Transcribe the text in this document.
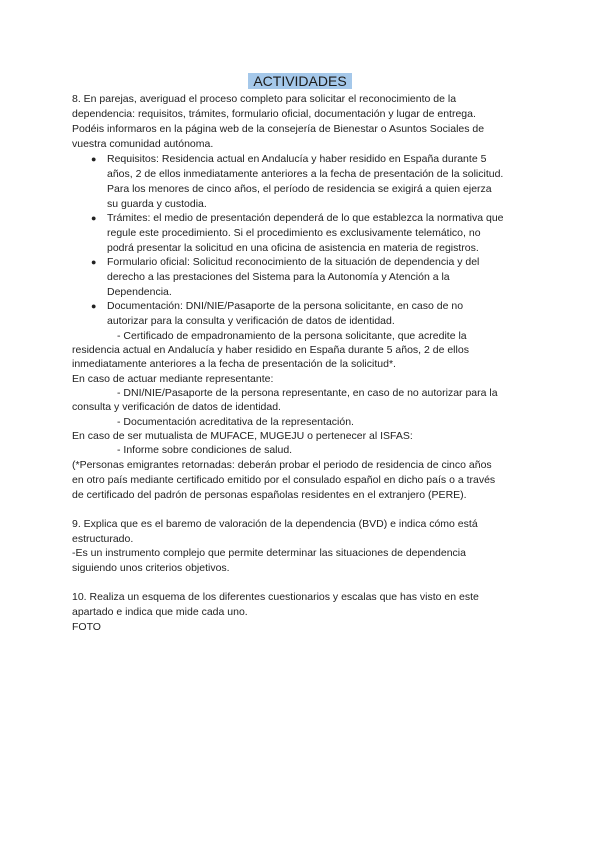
ACTIVIDADES
8. En parejas, averiguad el proceso completo para solicitar el reconocimiento de la
dependencia: requisitos, trámites, formulario oficial, documentación y lugar de entrega.
Podéis informaros en la página web de la consejería de Bienestar o Asuntos Sociales de
vuestra comunidad autónoma.
● Requisitos: Residencia actual en Andalucía y haber residido en España durante 5
años, 2 de ellos inmediatamente anteriores a la fecha de presentación de la solicitud.
Para los menores de cinco años, el período de residencia se exigirá a quien ejerza
su guarda y custodia.
● Trámites: el medio de presentación dependerá de lo que establezca la normativa que
regule este procedimiento. Si el procedimiento es exclusivamente telemático, no
podrá presentar la solicitud en una oficina de asistencia en materia de registros.
● Formulario oficial: Solicitud reconocimiento de la situación de dependencia y del
derecho a las prestaciones del Sistema para la Autonomía y Atención a la
Dependencia.
● Documentación: DNI/NIE/Pasaporte de la persona solicitante, en caso de no
autorizar para la consulta y verificación de datos de identidad.
- Certificado de empadronamiento de la persona solicitante, que acredite la
residencia actual en Andalucía y haber residido en España durante 5 años, 2 de ellos
inmediatamente anteriores a la fecha de presentación de la solicitud*.
En caso de actuar mediante representante:
- DNI/NIE/Pasaporte de la persona representante, en caso de no autorizar para la
consulta y verificación de datos de identidad.
- Documentación acreditativa de la representación.
En caso de ser mutualista de MUFACE, MUGEJU o pertenecer al ISFAS:
- Informe sobre condiciones de salud.
(*Personas emigrantes retornadas: deberán probar el periodo de residencia de cinco años
en otro país mediante certificado emitido por el consulado español en dicho país o a través
de certificado del padrón de personas españolas residentes en el extranjero (PERE).
9. Explica que es el baremo de valoración de la dependencia (BVD) e indica cómo está
estructurado.
-Es un instrumento complejo que permite determinar las situaciones de dependencia
siguiendo unos criterios objetivos.
10. Realiza un esquema de los diferentes cuestionarios y escalas que has visto en este
apartado e indica que mide cada uno.
FOTO
